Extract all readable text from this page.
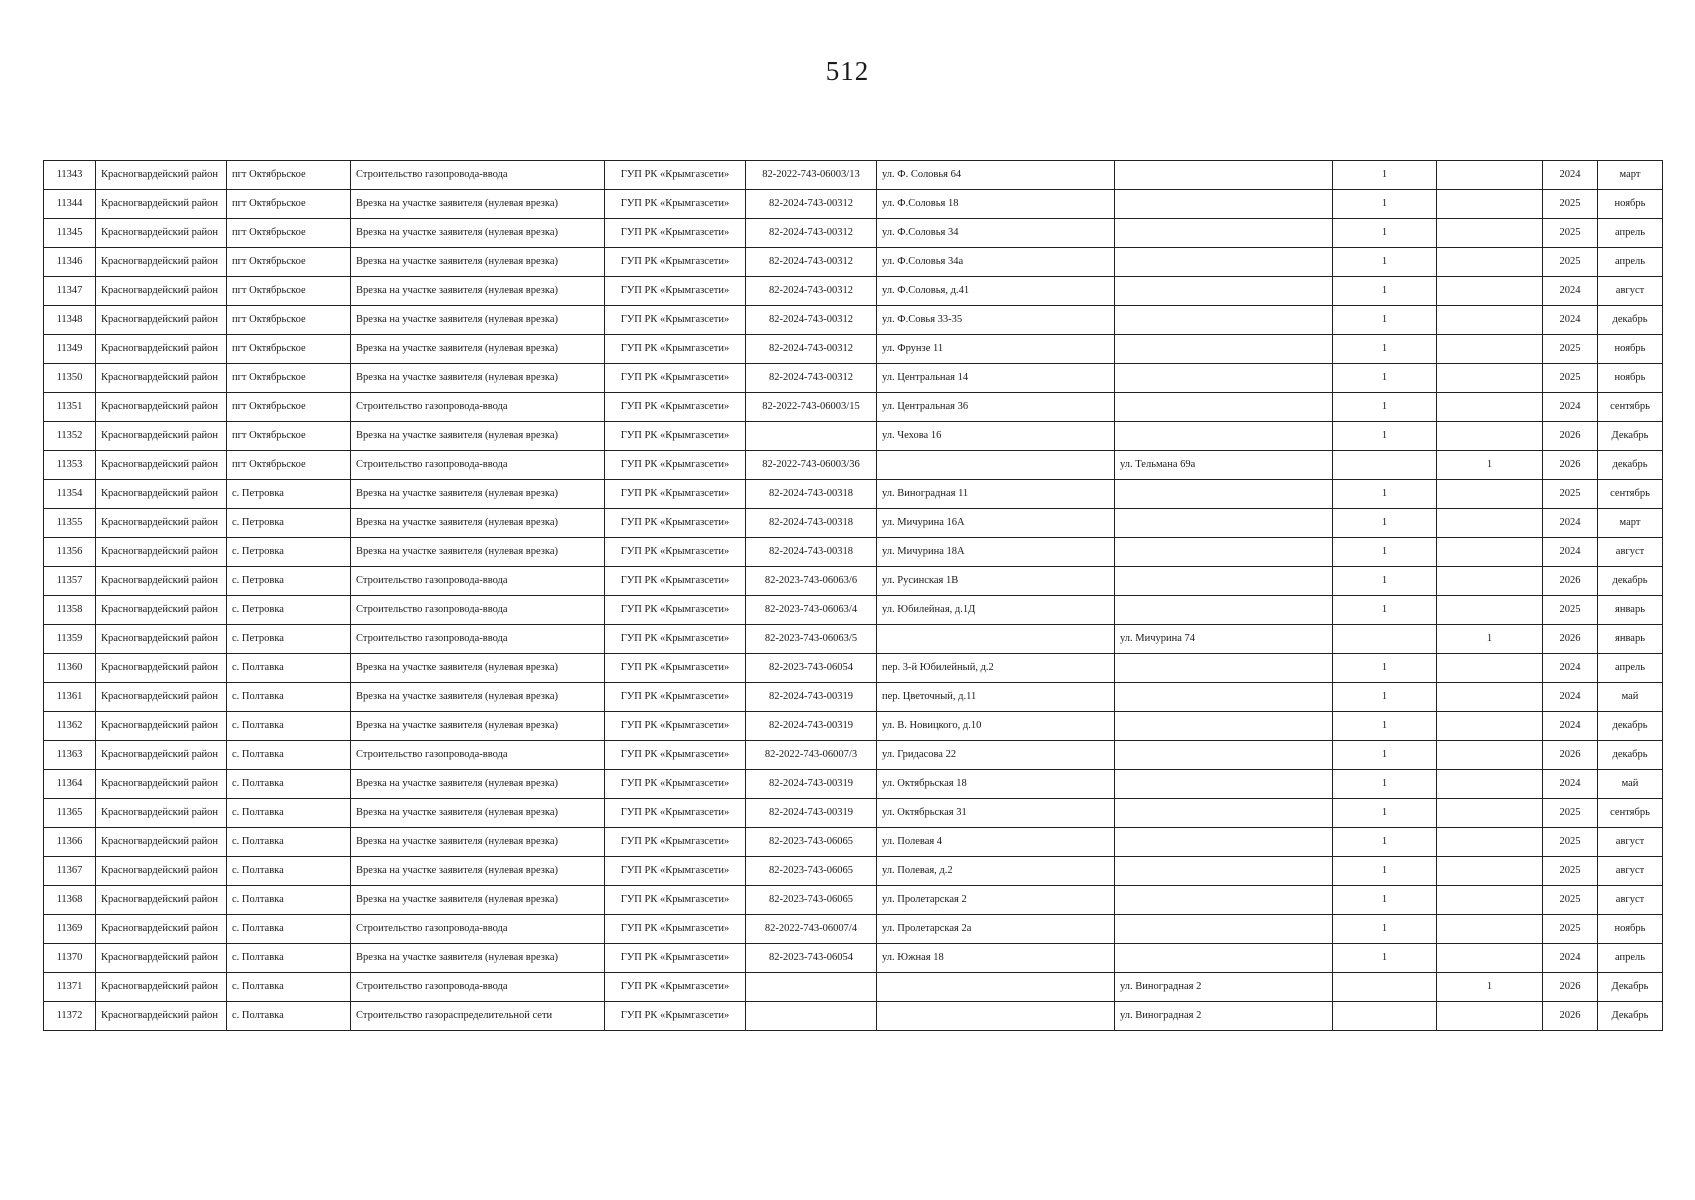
512
11343	Красногвардейский район	пгт Октябрьское	Строительство газопровода-ввода	ГУП РК «Крымгазсети»	82-2022-743-06003/13	ул. Ф. Соловья 64		1		2024	март
11344	Красногвардейский район	пгт Октябрьское	Врезка на участке заявителя (нулевая врезка)	ГУП РК «Крымгазсети»	82-2024-743-00312	ул. Ф.Соловья 18		1		2025	ноябрь
11345	Красногвардейский район	пгт Октябрьское	Врезка на участке заявителя (нулевая врезка)	ГУП РК «Крымгазсети»	82-2024-743-00312	ул. Ф.Соловья 34		1		2025	апрель
11346	Красногвардейский район	пгт Октябрьское	Врезка на участке заявителя (нулевая врезка)	ГУП РК «Крымгазсети»	82-2024-743-00312	ул. Ф.Соловья 34а		1		2025	апрель
11347	Красногвардейский район	пгт Октябрьское	Врезка на участке заявителя (нулевая врезка)	ГУП РК «Крымгазсети»	82-2024-743-00312	ул. Ф.Соловья, д.41		1		2024	август
11348	Красногвардейский район	пгт Октябрьское	Врезка на участке заявителя (нулевая врезка)	ГУП РК «Крымгазсети»	82-2024-743-00312	ул. Ф.Совья 33-35		1		2024	декабрь
11349	Красногвардейский район	пгт Октябрьское	Врезка на участке заявителя (нулевая врезка)	ГУП РК «Крымгазсети»	82-2024-743-00312	ул. Фрунзе 11		1		2025	ноябрь
11350	Красногвардейский район	пгт Октябрьское	Врезка на участке заявителя (нулевая врезка)	ГУП РК «Крымгазсети»	82-2024-743-00312	ул. Центральная 14		1		2025	ноябрь
11351	Красногвардейский район	пгт Октябрьское	Строительство газопровода-ввода	ГУП РК «Крымгазсети»	82-2022-743-06003/15	ул. Центральная 36		1		2024	сентябрь
11352	Красногвардейский район	пгт Октябрьское	Врезка на участке заявителя (нулевая врезка)	ГУП РК «Крымгазсети»		ул. Чехова 16		1		2026	Декабрь
11353	Красногвардейский район	пгт Октябрьское	Строительство газопровода-ввода	ГУП РК «Крымгазсети»	82-2022-743-06003/36		ул. Тельмана 69а		1	2026	декабрь
11354	Красногвардейский район	с. Петровка	Врезка на участке заявителя (нулевая врезка)	ГУП РК «Крымгазсети»	82-2024-743-00318	ул. Виноградная 11		1		2025	сентябрь
11355	Красногвардейский район	с. Петровка	Врезка на участке заявителя (нулевая врезка)	ГУП РК «Крымгазсети»	82-2024-743-00318	ул. Мичурина 16А		1		2024	март
11356	Красногвардейский район	с. Петровка	Врезка на участке заявителя (нулевая врезка)	ГУП РК «Крымгазсети»	82-2024-743-00318	ул. Мичурина 18А		1		2024	август
11357	Красногвардейский район	с. Петровка	Строительство газопровода-ввода	ГУП РК «Крымгазсети»	82-2023-743-06063/6	ул. Русинская 1В		1		2026	декабрь
11358	Красногвардейский район	с. Петровка	Строительство газопровода-ввода	ГУП РК «Крымгазсети»	82-2023-743-06063/4	ул. Юбилейная, д.1Д		1		2025	январь
11359	Красногвардейский район	с. Петровка	Строительство газопровода-ввода	ГУП РК «Крымгазсети»	82-2023-743-06063/5		ул. Мичурина 74		1	2026	январь
11360	Красногвардейский район	с. Полтавка	Врезка на участке заявителя (нулевая врезка)	ГУП РК «Крымгазсети»	82-2023-743-06054	пер. 3-й Юбилейный, д.2		1		2024	апрель
11361	Красногвардейский район	с. Полтавка	Врезка на участке заявителя (нулевая врезка)	ГУП РК «Крымгазсети»	82-2024-743-00319	пер. Цветочный, д.11		1		2024	май
11362	Красногвардейский район	с. Полтавка	Врезка на участке заявителя (нулевая врезка)	ГУП РК «Крымгазсети»	82-2024-743-00319	ул. В. Новицкого, д.10		1		2024	декабрь
11363	Красногвардейский район	с. Полтавка	Строительство газопровода-ввода	ГУП РК «Крымгазсети»	82-2022-743-06007/3	ул. Гридасова 22		1		2026	декабрь
11364	Красногвардейский район	с. Полтавка	Врезка на участке заявителя (нулевая врезка)	ГУП РК «Крымгазсети»	82-2024-743-00319	ул. Октябрьская 18		1		2024	май
11365	Красногвардейский район	с. Полтавка	Врезка на участке заявителя (нулевая врезка)	ГУП РК «Крымгазсети»	82-2024-743-00319	ул. Октябрьская 31		1		2025	сентябрь
11366	Красногвардейский район	с. Полтавка	Врезка на участке заявителя (нулевая врезка)	ГУП РК «Крымгазсети»	82-2023-743-06065	ул. Полевая 4		1		2025	август
11367	Красногвардейский район	с. Полтавка	Врезка на участке заявителя (нулевая врезка)	ГУП РК «Крымгазсети»	82-2023-743-06065	ул. Полевая, д.2		1		2025	август
11368	Красногвардейский район	с. Полтавка	Врезка на участке заявителя (нулевая врезка)	ГУП РК «Крымгазсети»	82-2023-743-06065	ул. Пролетарская 2		1		2025	август
11369	Красногвардейский район	с. Полтавка	Строительство газопровода-ввода	ГУП РК «Крымгазсети»	82-2022-743-06007/4	ул. Пролетарская 2а		1		2025	ноябрь
11370	Красногвардейский район	с. Полтавка	Врезка на участке заявителя (нулевая врезка)	ГУП РК «Крымгазсети»	82-2023-743-06054	ул. Южная 18		1		2024	апрель
11371	Красногвардейский район	с. Полтавка	Строительство газопровода-ввода	ГУП РК «Крымгазсети»			ул. Виноградная 2		1	2026	Декабрь
11372	Красногвардейский район	с. Полтавка	Строительство газораспределительной сети	ГУП РК «Крымгазсети»			ул. Виноградная 2			2026	Декабрь
